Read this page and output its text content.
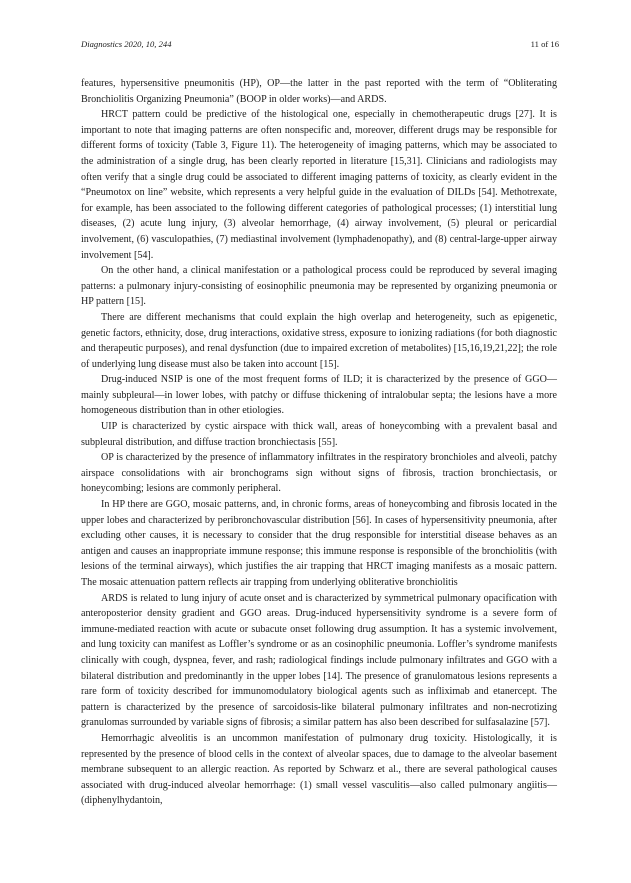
Diagnostics 2020, 10, 244	11 of 16

features, hypersensitive pneumonitis (HP), OP—the latter in the past reported with the term of “Obliterating Bronchiolitis Organizing Pneumonia” (BOOP in older works)—and ARDS.

HRCT pattern could be predictive of the histological one, especially in chemotherapeutic drugs [27]. It is important to note that imaging patterns are often nonspecific and, moreover, different drugs may be responsible for different forms of toxicity (Table 3, Figure 11). The heterogeneity of imaging patterns, which may be associated to the administration of a single drug, has been clearly reported in literature [15,31]. Clinicians and radiologists may often verify that a single drug could be associated to different imaging patterns of toxicity, as clearly evident in the “Pneumotox on line” website, which represents a very helpful guide in the evaluation of DILDs [54]. Methotrexate, for example, has been associated to the following different categories of pathological processes; (1) interstitial lung diseases, (2) acute lung injury, (3) alveolar hemorrhage, (4) airway involvement, (5) pleural or pericardial involvement, (6) vasculopathies, (7) mediastinal involvement (lymphadenopathy), and (8) central-large-upper airway involvement [54].

On the other hand, a clinical manifestation or a pathological process could be reproduced by several imaging patterns: a pulmonary injury-consisting of eosinophilic pneumonia may be represented by organizing pneumonia or HP pattern [15].

There are different mechanisms that could explain the high overlap and heterogeneity, such as epigenetic, genetic factors, ethnicity, dose, drug interactions, oxidative stress, exposure to ionizing radiations (for both diagnostic and therapeutic purposes), and renal dysfunction (due to impaired excretion of metabolites) [15,16,19,21,22]; the role of underlying lung disease must also be taken into account [15].

Drug-induced NSIP is one of the most frequent forms of ILD; it is characterized by the presence of GGO—mainly subpleural—in lower lobes, with patchy or diffuse thickening of intralobular septa; the lesions have a more homogeneous distribution than in other etiologies.

UIP is characterized by cystic airspace with thick wall, areas of honeycombing with a prevalent basal and subpleural distribution, and diffuse traction bronchiectasis [55].

OP is characterized by the presence of inflammatory infiltrates in the respiratory bronchioles and alveoli, patchy airspace consolidations with air bronchograms sign without signs of fibrosis, traction bronchiectasis, or honeycombing; lesions are commonly peripheral.

In HP there are GGO, mosaic patterns, and, in chronic forms, areas of honeycombing and fibrosis located in the upper lobes and characterized by peribronchovascular distribution [56]. In cases of hypersensitivity pneumonia, after excluding other causes, it is necessary to consider that the drug responsible for interstitial disease behaves as an antigen and causes an inappropriate immune response; this immune response is responsible of the bronchiolitis (with lesions of the terminal airways), which justifies the air trapping that HRCT imaging manifests as a mosaic pattern. The mosaic attenuation pattern reflects air trapping from underlying obliterative bronchiolitis

ARDS is related to lung injury of acute onset and is characterized by symmetrical pulmonary opacification with anteroposterior density gradient and GGO areas. Drug-induced hypersensitivity syndrome is a severe form of immune-mediated reaction with acute or subacute onset following drug assumption. It has a systemic involvement, and lung toxicity can manifest as Loffler’s syndrome or as an cosinophilic pneumonia. Loffler’s syndrome manifests clinically with cough, dyspnea, fever, and rash; radiological findings include pulmonary infiltrates and GGO with a bilateral distribution and predominantly in the upper lobes [14]. The presence of granulomatous lesions represents a rare form of toxicity described for immunomodulatory biological agents such as infliximab and etanercept. The pattern is characterized by the presence of sarcoidosis-like bilateral pulmonary infiltrates and non-necrotizing granulomas surrounded by variable signs of fibrosis; a similar pattern has also been described for sulfasalazine [57].

Hemorrhagic alveolitis is an uncommon manifestation of pulmonary drug toxicity. Histologically, it is represented by the presence of blood cells in the context of alveolar spaces, due to damage to the alveolar basement membrane subsequent to an allergic reaction. As reported by Schwarz et al., there are several pathological causes associated with drug-induced alveolar hemorrhage: (1) small vessel vasculitis—also called pulmonary angiitis—(diphenylhydantoin,
